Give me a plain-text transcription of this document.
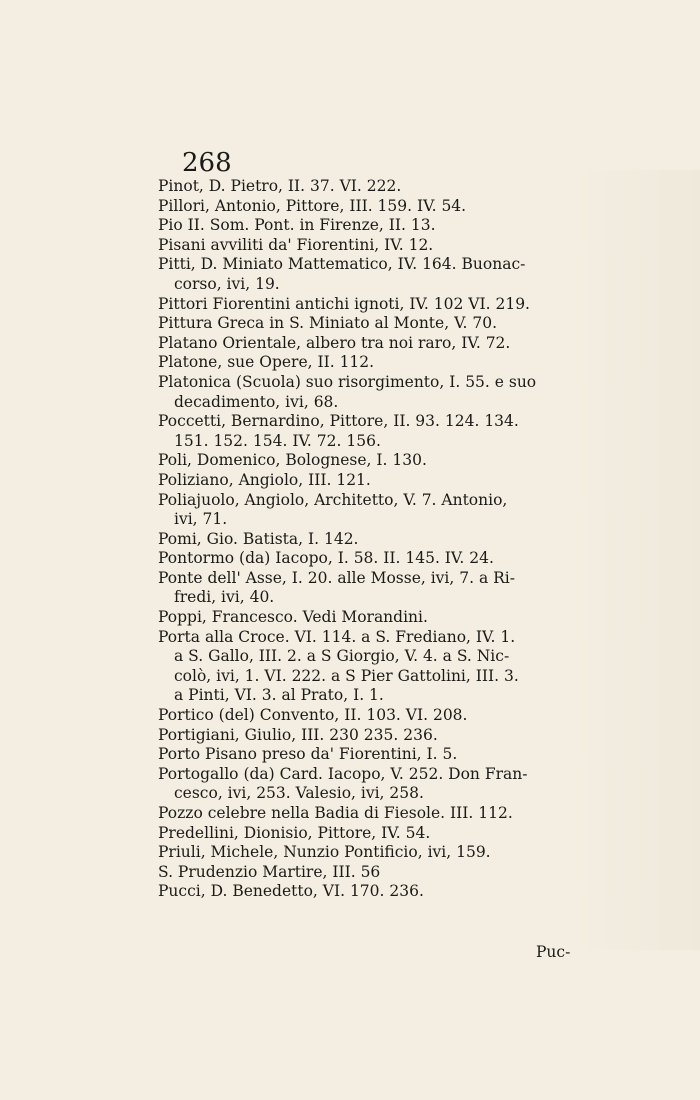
268
Pinot, D. Pietro, II. 37. VI. 222.
Pillori, Antonio, Pittore, III. 159. IV. 54.
Pio II. Som. Pont. in Firenze, II. 13.
Pisani avviliti da' Fiorentini, IV. 12.
Pitti, D. Miniato Mattematico, IV. 164. Buonac-
corso, ivi, 19.
Pittori Fiorentini antichi ignoti, IV. 102 VI. 219.
Pittura Greca in S. Miniato al Monte, V. 70.
Platano Orientale, albero tra noi raro, IV. 72.
Platone, sue Opere, II. 112.
Platonica (Scuola) suo risorgimento, I. 55. e suo
decadimento, ivi, 68.
Poccetti, Bernardino, Pittore, II. 93. 124. 134.
151. 152. 154. IV. 72. 156.
Poli, Domenico, Bolognese, I. 130.
Poliziano, Angiolo, III. 121.
Poliajuolo, Angiolo, Architetto, V. 7. Antonio,
ivi, 71.
Pomi, Gio. Batista, I. 142.
Pontormo (da) Iacopo, I. 58. II. 145. IV. 24.
Ponte dell' Asse, I. 20. alle Mosse, ivi, 7. a Ri-
fredi, ivi, 40.
Poppi, Francesco. Vedi Morandini.
Porta alla Croce. VI. 114. a S. Frediano, IV. 1.
a S. Gallo, III. 2. a S Giorgio, V. 4. a S. Nic-
colò, ivi, 1. VI. 222. a S Pier Gattolini, III. 3.
a Pinti, VI. 3. al Prato, I. 1.
Portico (del) Convento, II. 103. VI. 208.
Portigiani, Giulio, III. 230 235. 236.
Porto Pisano preso da' Fiorentini, I. 5.
Portogallo (da) Card. Iacopo, V. 252. Don Fran-
cesco, ivi, 253. Valesio, ivi, 258.
Pozzo celebre nella Badia di Fiesole. III. 112.
Predellini, Dionisio, Pittore, IV. 54.
Priuli, Michele, Nunzio Pontificio, ivi, 159.
S. Prudenzio Martire, III. 56
Pucci, D. Benedetto, VI. 170. 236.
Puc-
